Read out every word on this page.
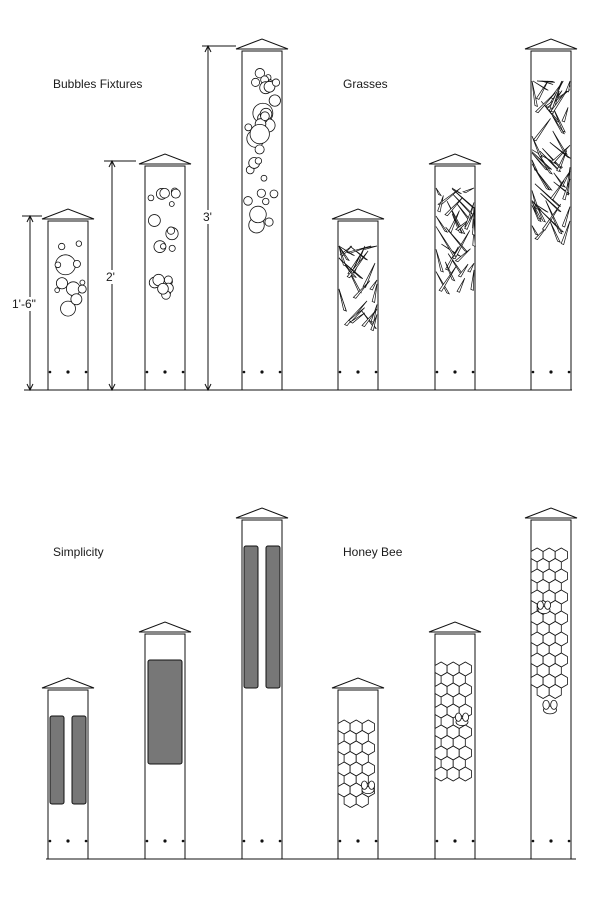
Bubbles Fixtures	Grasses
Simplicity	Honey Bee
1'-6"
2'
3'
